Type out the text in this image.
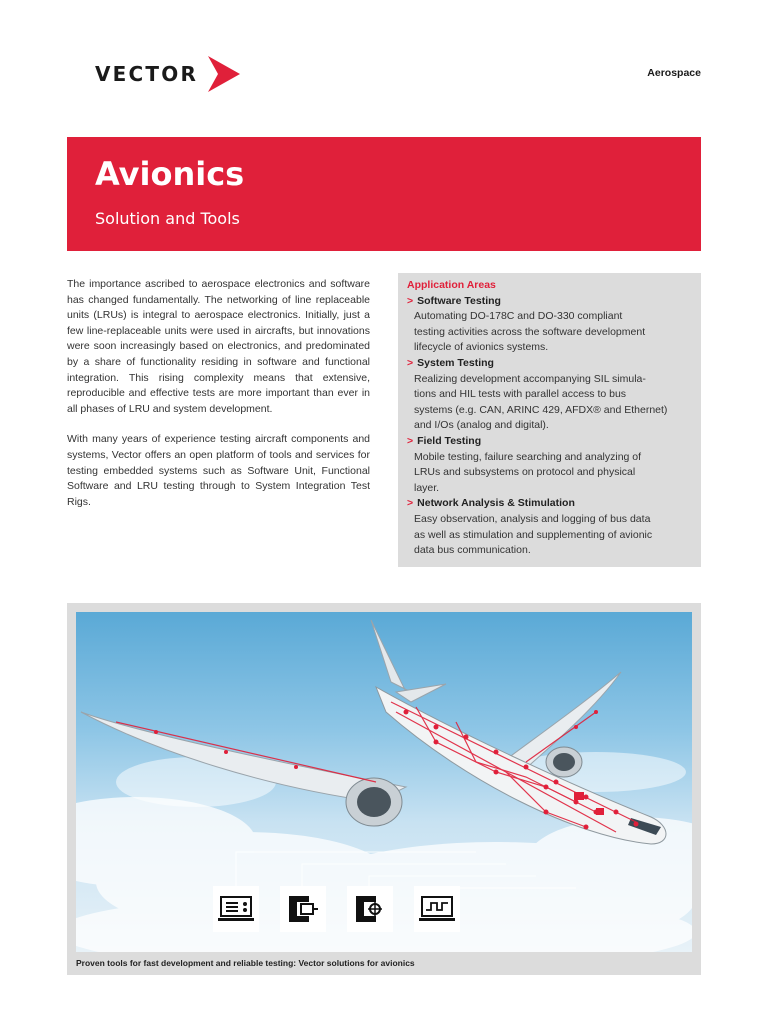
VECTOR	Aerospace
Avionics
Solution and Tools

The importance ascribed to aerospace electronics and software has changed fundamentally. The networking of line replaceable units (LRUs) is integral to aerospace electronics. Initially, just a few line-replaceable units were used in aircrafts, but innovations were soon increasingly based on electronics, and predominated by a share of functionality residing in software and functional integration. This rising complexity means that extensive, reproducible and effective tests are more important than ever in all phases of LRU and system development.

With many years of experience testing aircraft components and systems, Vector offers an open platform of tools and services for testing embedded systems such as Software Unit, Functional Software and LRU testing through to System Integration Test Rigs.

Application Areas
> Software Testing
Automating DO-178C and DO-330 compliant
testing activities across the software development
lifecycle of avionics systems.
> System Testing
Realizing development accompanying SIL simula-
tions and HIL tests with parallel access to bus
systems (e.g. CAN, ARINC 429, AFDX® and Ethernet)
and I/Os (analog and digital).
> Field Testing
Mobile testing, failure searching and analyzing of
LRUs and subsystems on protocol and physical
layer.
> Network Analysis & Stimulation
Easy observation, analysis and logging of bus data
as well as stimulation and supplementing of avionic
data bus communication.
Proven tools for fast development and reliable testing: Vector solutions for avionics
